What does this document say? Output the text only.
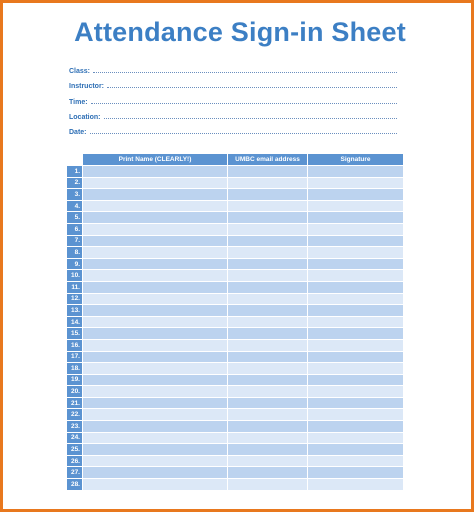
Attendance Sign-in Sheet
Class:
Instructor:
Time:
Location:
Date:
	Print Name (CLEARLY!)	UMBC email address	Signature
1.			
2.			
3.			
4.			
5.			
6.			
7.			
8.			
9.			
10.			
11.			
12.			
13.			
14.			
15.			
16.			
17.			
18.			
19.			
20.			
21.			
22.			
23.			
24.			
25.			
26.			
27.			
28.			
